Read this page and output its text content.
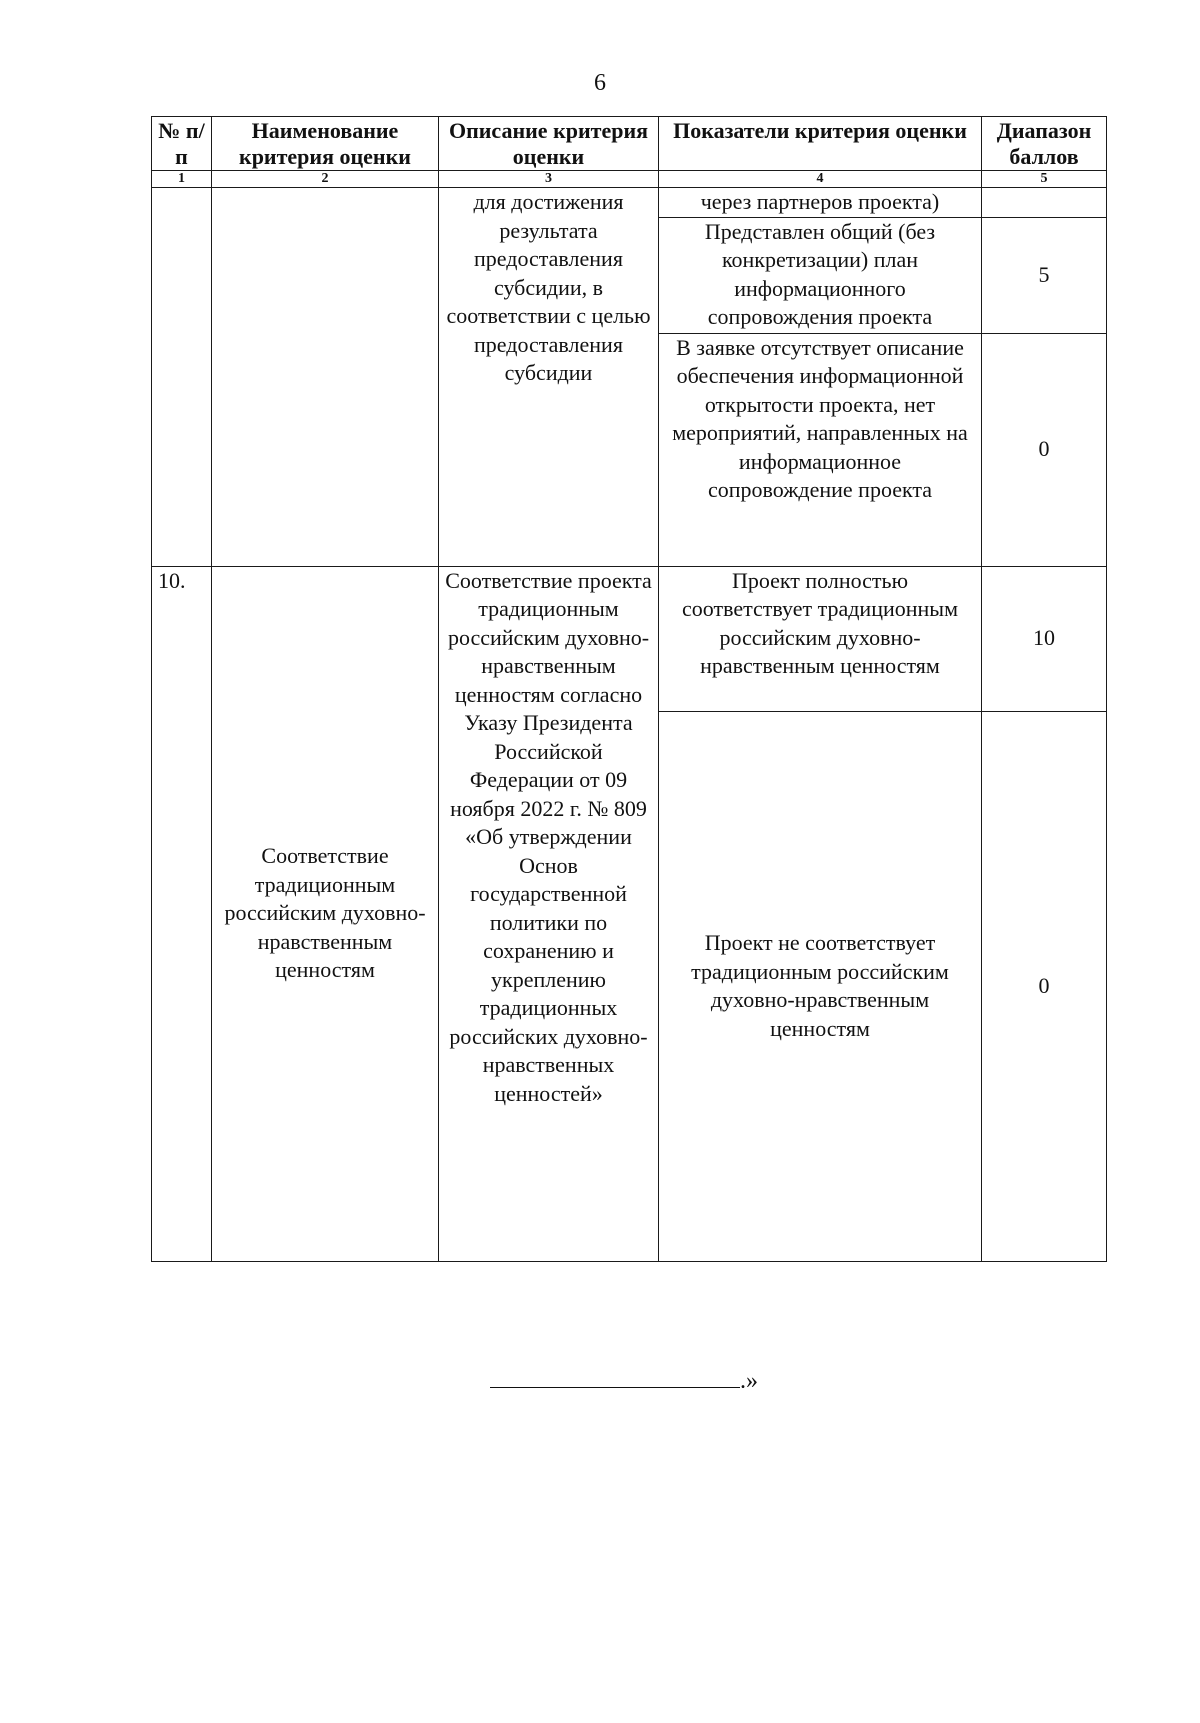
6
№ п/п	Наименование критерия оценки	Описание критерия оценки	Показатели критерия оценки	Диапазон баллов
1	2	3	4	5
		для достижения результата предоставления субсидии, в соответствии с целью предоставления субсидии	через партнеров проекта)	
			Представлен общий (без конкретизации) план информационного сопровождения проекта	5
			В заявке отсутствует описание обеспечения информационной открытости проекта, нет мероприятий, направленных на информационное сопровождение проекта	0
10.	Соответствие традиционным российским духовно-нравственным ценностям	Соответствие проекта традиционным российским духовно-нравственным ценностям согласно Указу Президента Российской Федерации от 09 ноября 2022 г. № 809 «Об утверждении Основ государственной политики по сохранению и укреплению традиционных российских духовно-нравственных ценностей»	Проект полностью соответствует традиционным российским духовно-нравственным ценностям	10
			Проект не соответствует традиционным российским духовно-нравственным ценностям	0
.»
